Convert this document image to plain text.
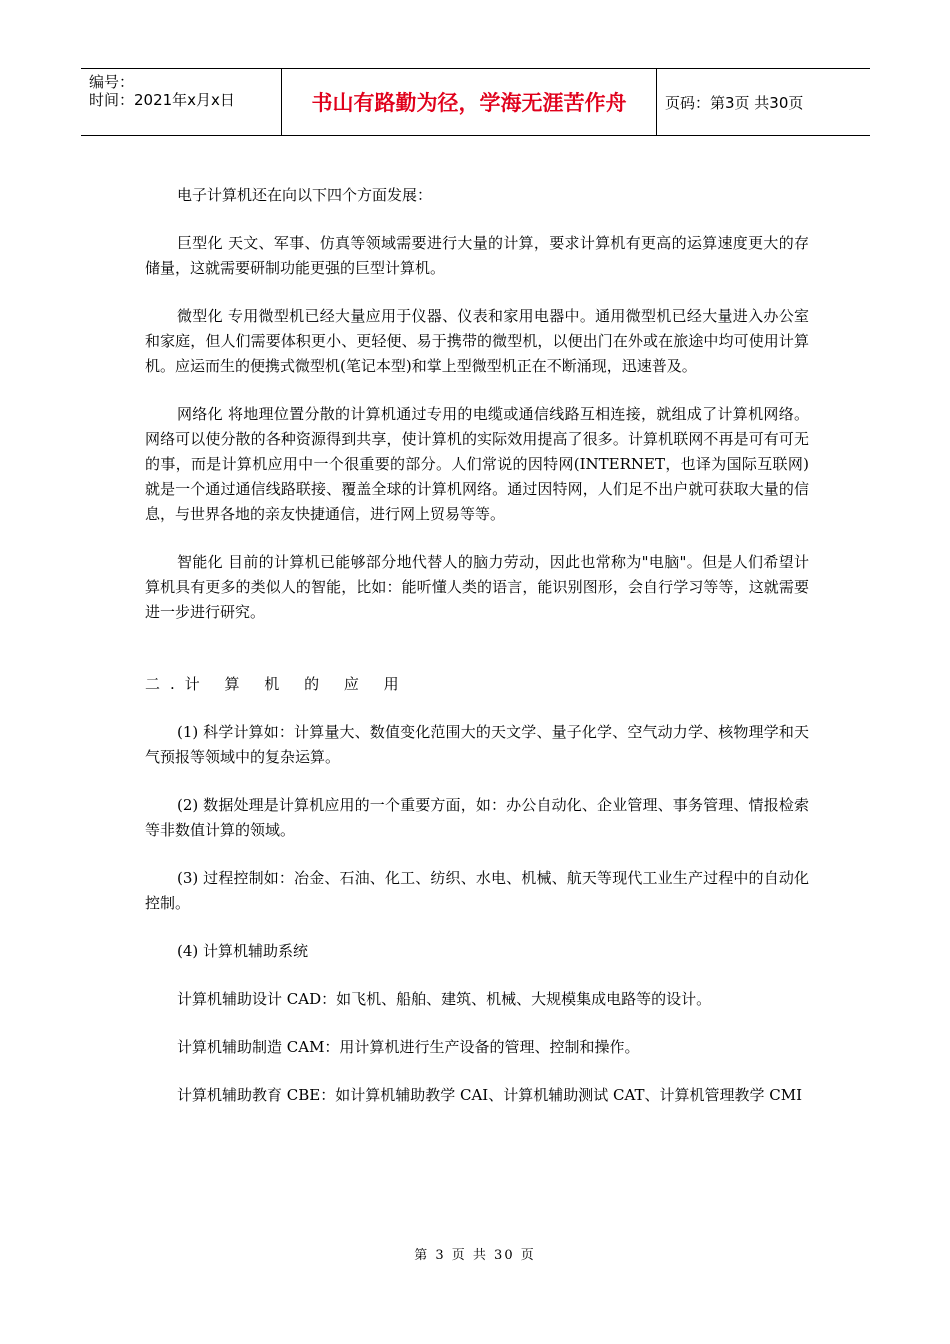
编号：
时间：2021年x月x日	书山有路勤为径，学海无涯苦作舟	页码：第3页 共30页

电子计算机还在向以下四个方面发展：

巨型化 天文、军事、仿真等领域需要进行大量的计算，要求计算机有更高的运算速度更大的存储量，这就需要研制功能更强的巨型计算机。

微型化 专用微型机已经大量应用于仪器、仪表和家用电器中。通用微型机已经大量进入办公室和家庭，但人们需要体积更小、更轻便、易于携带的微型机，以便出门在外或在旅途中均可使用计算机。应运而生的便携式微型机(笔记本型)和掌上型微型机正在不断涌现，迅速普及。

网络化 将地理位置分散的计算机通过专用的电缆或通信线路互相连接，就组成了计算机网络。网络可以使分散的各种资源得到共享，使计算机的实际效用提高了很多。计算机联网不再是可有可无的事，而是计算机应用中一个很重要的部分。人们常说的因特网(INTERNET，也译为国际互联网)就是一个通过通信线路联接、覆盖全球的计算机网络。通过因特网，人们足不出户就可获取大量的信息，与世界各地的亲友快捷通信，进行网上贸易等等。

智能化 目前的计算机已能够部分地代替人的脑力劳动，因此也常称为"电脑"。但是人们希望计算机具有更多的类似人的智能，比如：能听懂人类的语言，能识别图形，会自行学习等等，这就需要进一步进行研究。

二.计 算 机 的 应 用

(1) 科学计算如：计算量大、数值变化范围大的天文学、量子化学、空气动力学、核物理学和天气预报等领域中的复杂运算。

(2) 数据处理是计算机应用的一个重要方面，如：办公自动化、企业管理、事务管理、情报检索等非数值计算的领域。

(3) 过程控制如：冶金、石油、化工、纺织、水电、机械、航天等现代工业生产过程中的自动化控制。

(4) 计算机辅助系统

计算机辅助设计 CAD：如飞机、船舶、建筑、机械、大规模集成电路等的设计。

计算机辅助制造 CAM：用计算机进行生产设备的管理、控制和操作。

计算机辅助教育 CBE：如计算机辅助教学 CAI、计算机辅助测试 CAT、计算机管理教学 CMI

第 3 页 共 30 页
